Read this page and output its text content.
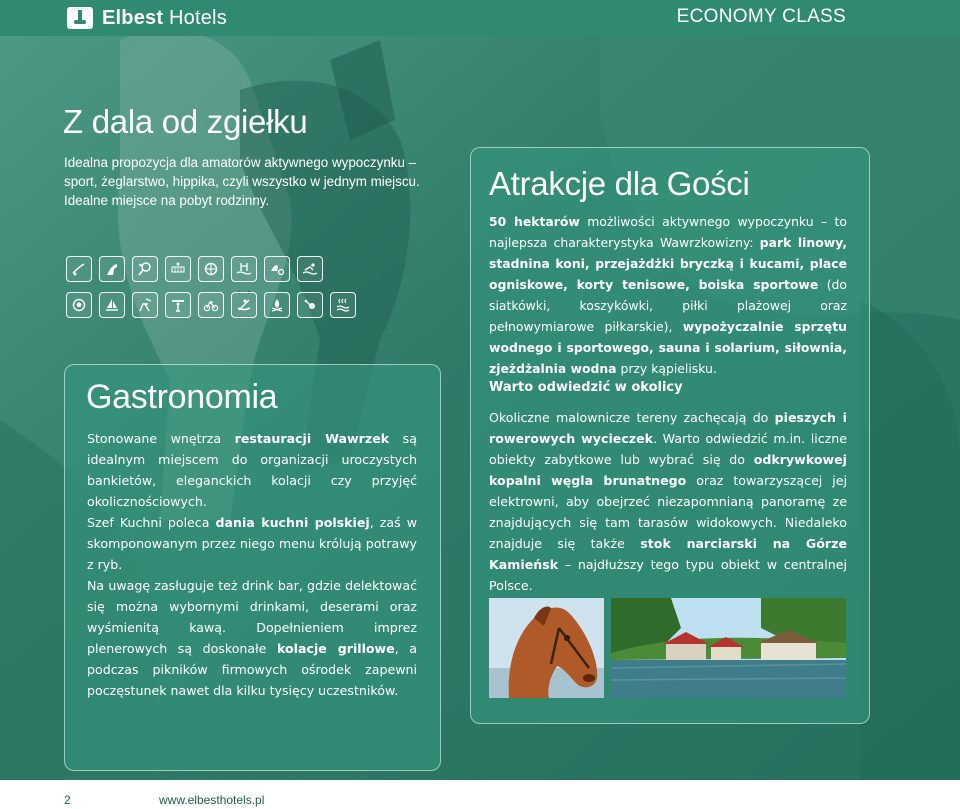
Elbest Hotels	ECONOMY CLASS
Z dala od zgiełku

Idealna propozycja dla amatorów aktywnego wypoczynku – sport, żeglarstwo, hippika, czyli wszystko w jednym miejscu. Idealne miejsce na pobyt rodzinny.

Gastronomia

Stonowane wnętrza restauracji Wawrzek są idealnym miejscem do organizacji uroczystych bankietów, eleganckich kolacji czy przyjęć okolicznościowych.

Szef Kuchni poleca dania kuchni polskiej, zaś w skomponowanym przez niego menu królują potrawy z ryb.

Na uwagę zasługuje też drink bar, gdzie delektować się można wybornymi drinkami, deserami oraz wyśmienitą kawą. Dopełnieniem imprez plenerowych są doskonałe kolacje grillowe, a podczas pikników firmowych ośrodek zapewni poczęstunek nawet dla kilku tysięcy uczestników.

Atrakcje dla Gości

50 hektarów możliwości aktywnego wypoczynku – to najlepsza charakterystyka Wawrzkowizny: park linowy, stadnina koni, przejażdżki bryczką i kucami, place ogniskowe, korty tenisowe, boiska sportowe (do siatkówki, koszykówki, piłki plażowej oraz pełnowymiarowe piłkarskie), wypożyczalnie sprzętu wodnego i sportowego, sauna i solarium, siłownia, zjeżdżalnia wodna przy kąpielisku.

Warto odwiedzić w okolicy

Okoliczne malownicze tereny zachęcają do pieszych i rowerowych wycieczek. Warto odwiedzić m.in. liczne obiekty zabytkowe lub wybrać się do odkrywkowej kopalni węgla brunatnego oraz towarzyszącej jej elektrowni, aby obejrzeć niezapomnianą panoramę ze znajdujących się tam tarasów widokowych. Niedaleko znajduje się także stok narciarski na Górze Kamieńsk – najdłuższy tego typu obiekt w centralnej Polsce.

2	www.elbesthotels.pl
